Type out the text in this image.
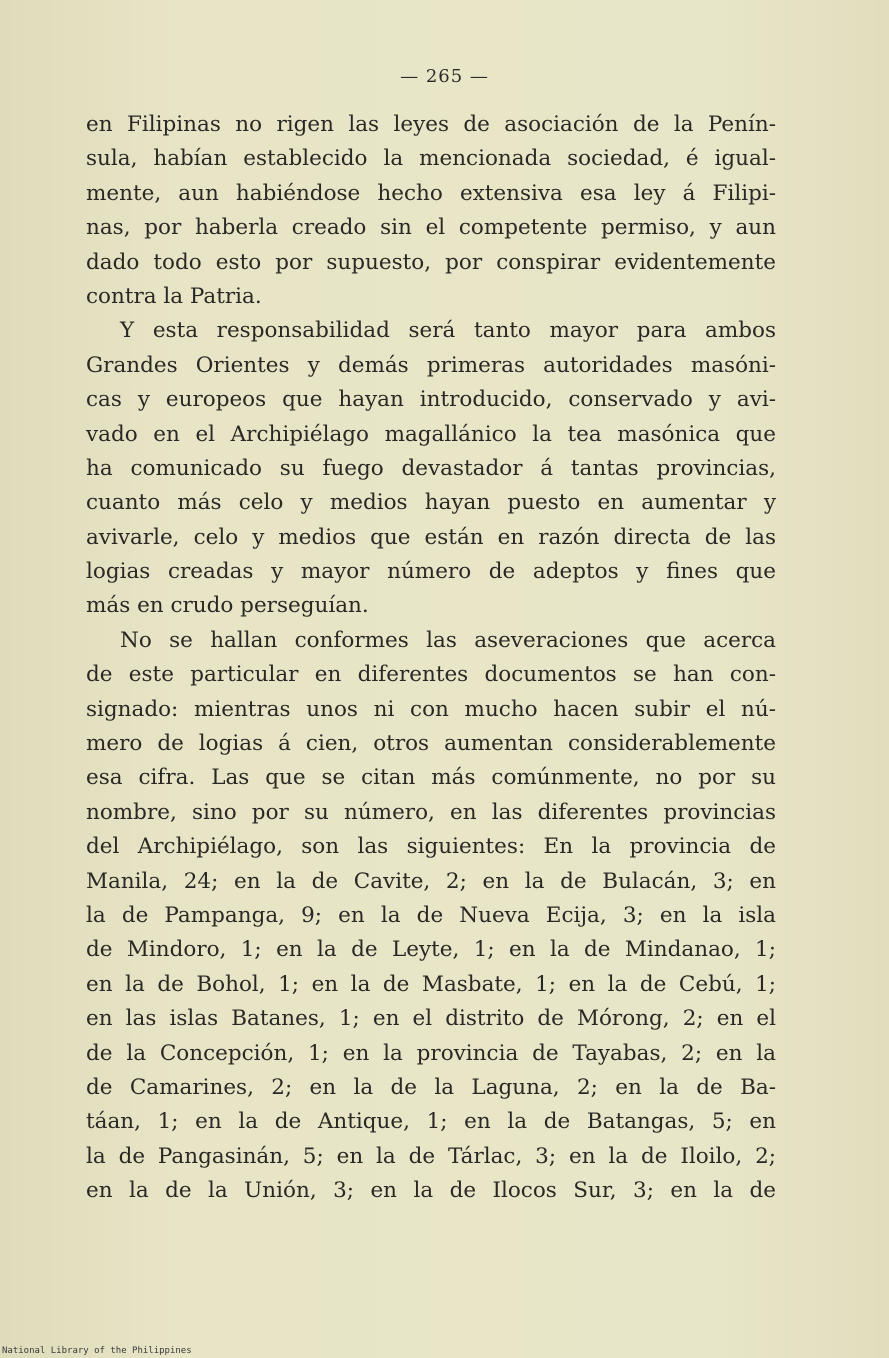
— 265 —
en Filipinas no rigen las leyes de asociación de la Penín-
sula, habían establecido la mencionada sociedad, é igual-
mente, aun habiéndose hecho extensiva esa ley á Filipi-
nas, por haberla creado sin el competente permiso, y aun
dado todo esto por supuesto, por conspirar evidentemente
contra la Patria.
Y esta responsabilidad será tanto mayor para ambos
Grandes Orientes y demás primeras autoridades masóni-
cas y europeos que hayan introducido, conservado y avi-
vado en el Archipiélago magallánico la tea masónica que
ha comunicado su fuego devastador á tantas provincias,
cuanto más celo y medios hayan puesto en aumentar y
avivarle, celo y medios que están en razón directa de las
logias creadas y mayor número de adeptos y fines que
más en crudo perseguían.
No se hallan conformes las aseveraciones que acerca
de este particular en diferentes documentos se han con-
signado: mientras unos ni con mucho hacen subir el nú-
mero de logias á cien, otros aumentan considerablemente
esa cifra. Las que se citan más comúnmente, no por su
nombre, sino por su número, en las diferentes provincias
del Archipiélago, son las siguientes: En la provincia de
Manila, 24; en la de Cavite, 2; en la de Bulacán, 3; en
la de Pampanga, 9; en la de Nueva Ecija, 3; en la isla
de Mindoro, 1; en la de Leyte, 1; en la de Mindanao, 1;
en la de Bohol, 1; en la de Masbate, 1; en la de Cebú, 1;
en las islas Batanes, 1; en el distrito de Mórong, 2; en el
de la Concepción, 1; en la provincia de Tayabas, 2; en la
de Camarines, 2; en la de la Laguna, 2; en la de Ba-
táan, 1; en la de Antique, 1; en la de Batangas, 5; en
la de Pangasinán, 5; en la de Tárlac, 3; en la de Iloilo, 2;
en la de la Unión, 3; en la de Ilocos Sur, 3; en la de
National Library of the Philippines
